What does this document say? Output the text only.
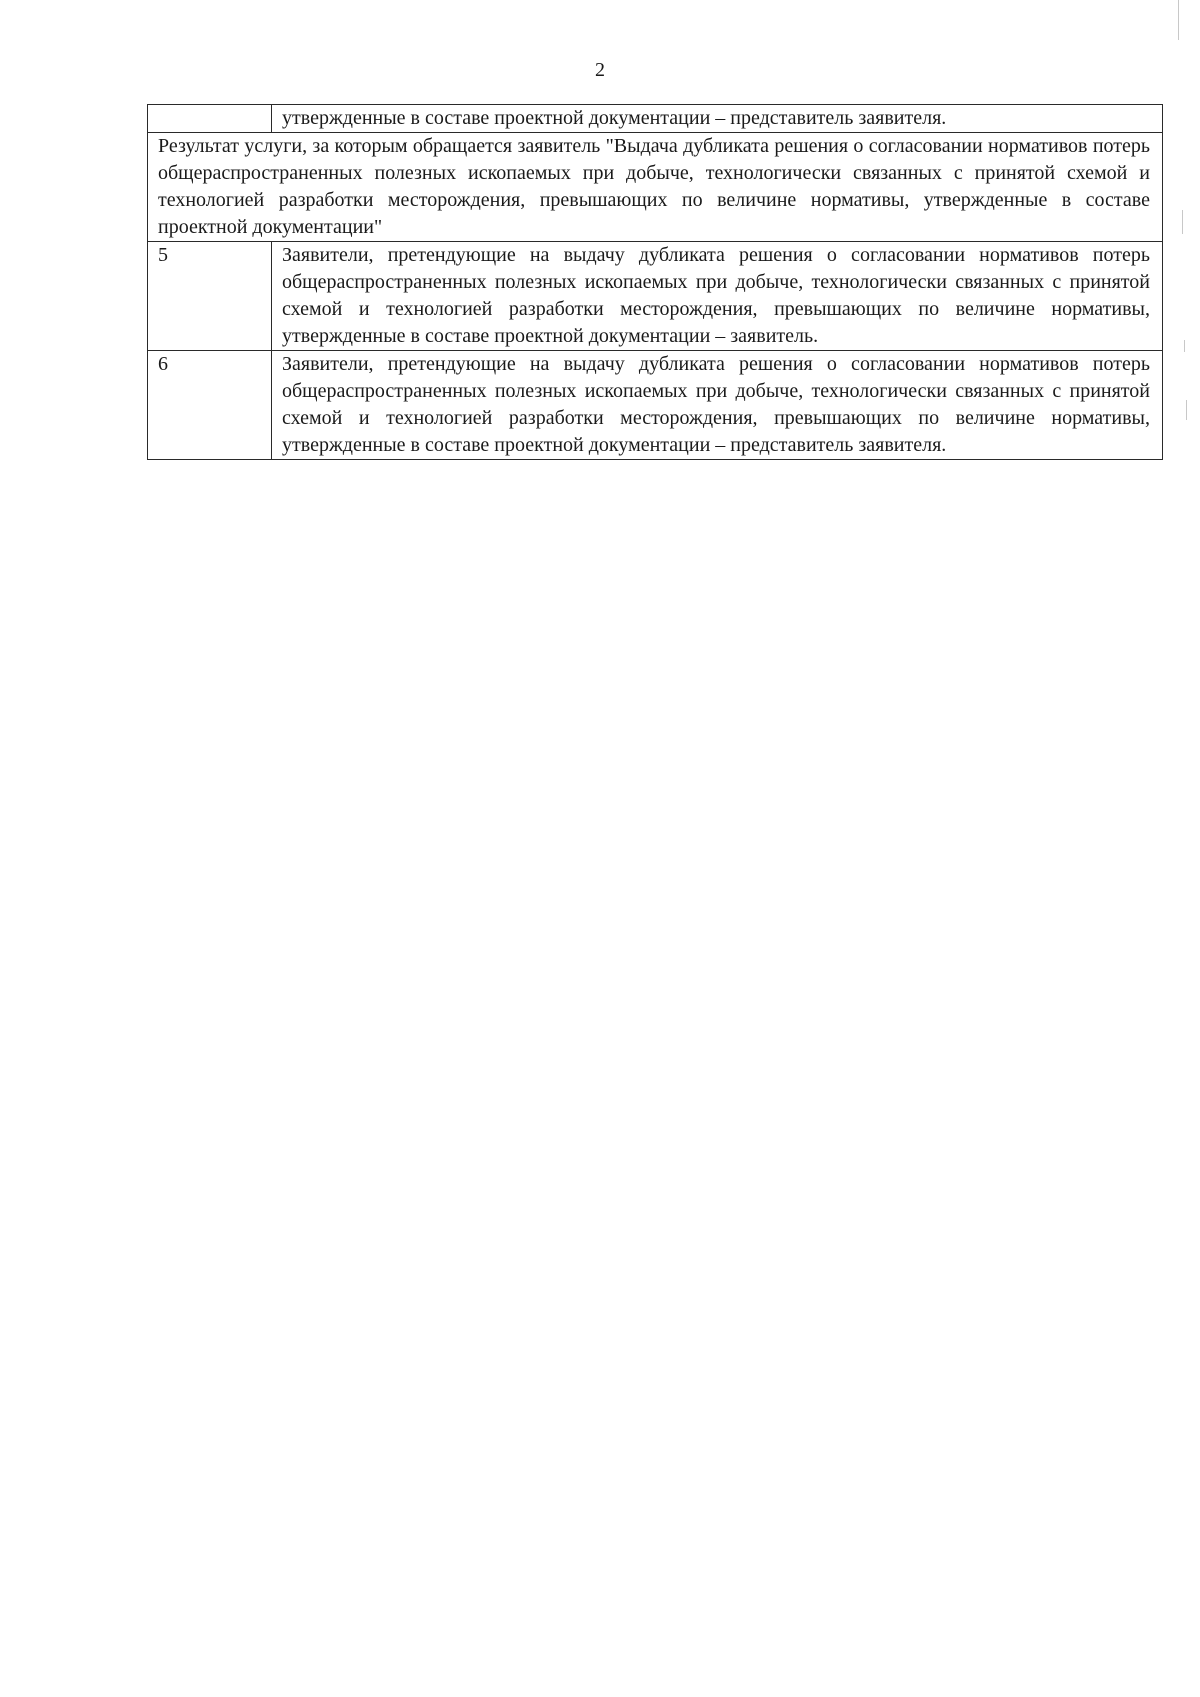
2

	утвержденные в составе проектной документации – представитель заявителя.

Результат услуги, за которым обращается заявитель "Выдача дубликата решения о согласовании нормативов потерь общераспространенных полезных ископаемых при добыче, технологически связанных с принятой схемой и технологией разработки месторождения, превышающих по величине нормативы, утвержденные в составе проектной документации"	

5	Заявители, претендующие на выдачу дубликата решения о согласовании нормативов потерь общераспространенных полезных ископаемых при добыче, технологически связанных с принятой схемой и технологией разработки месторождения, превышающих по величине нормативы, утвержденные в составе проектной документации – заявитель.

6	Заявители, претендующие на выдачу дубликата решения о согласовании нормативов потерь общераспространенных полезных ископаемых при добыче, технологически связанных с принятой схемой и технологией разработки месторождения, превышающих по величине нормативы, утвержденные в составе проектной документации – представитель заявителя.
